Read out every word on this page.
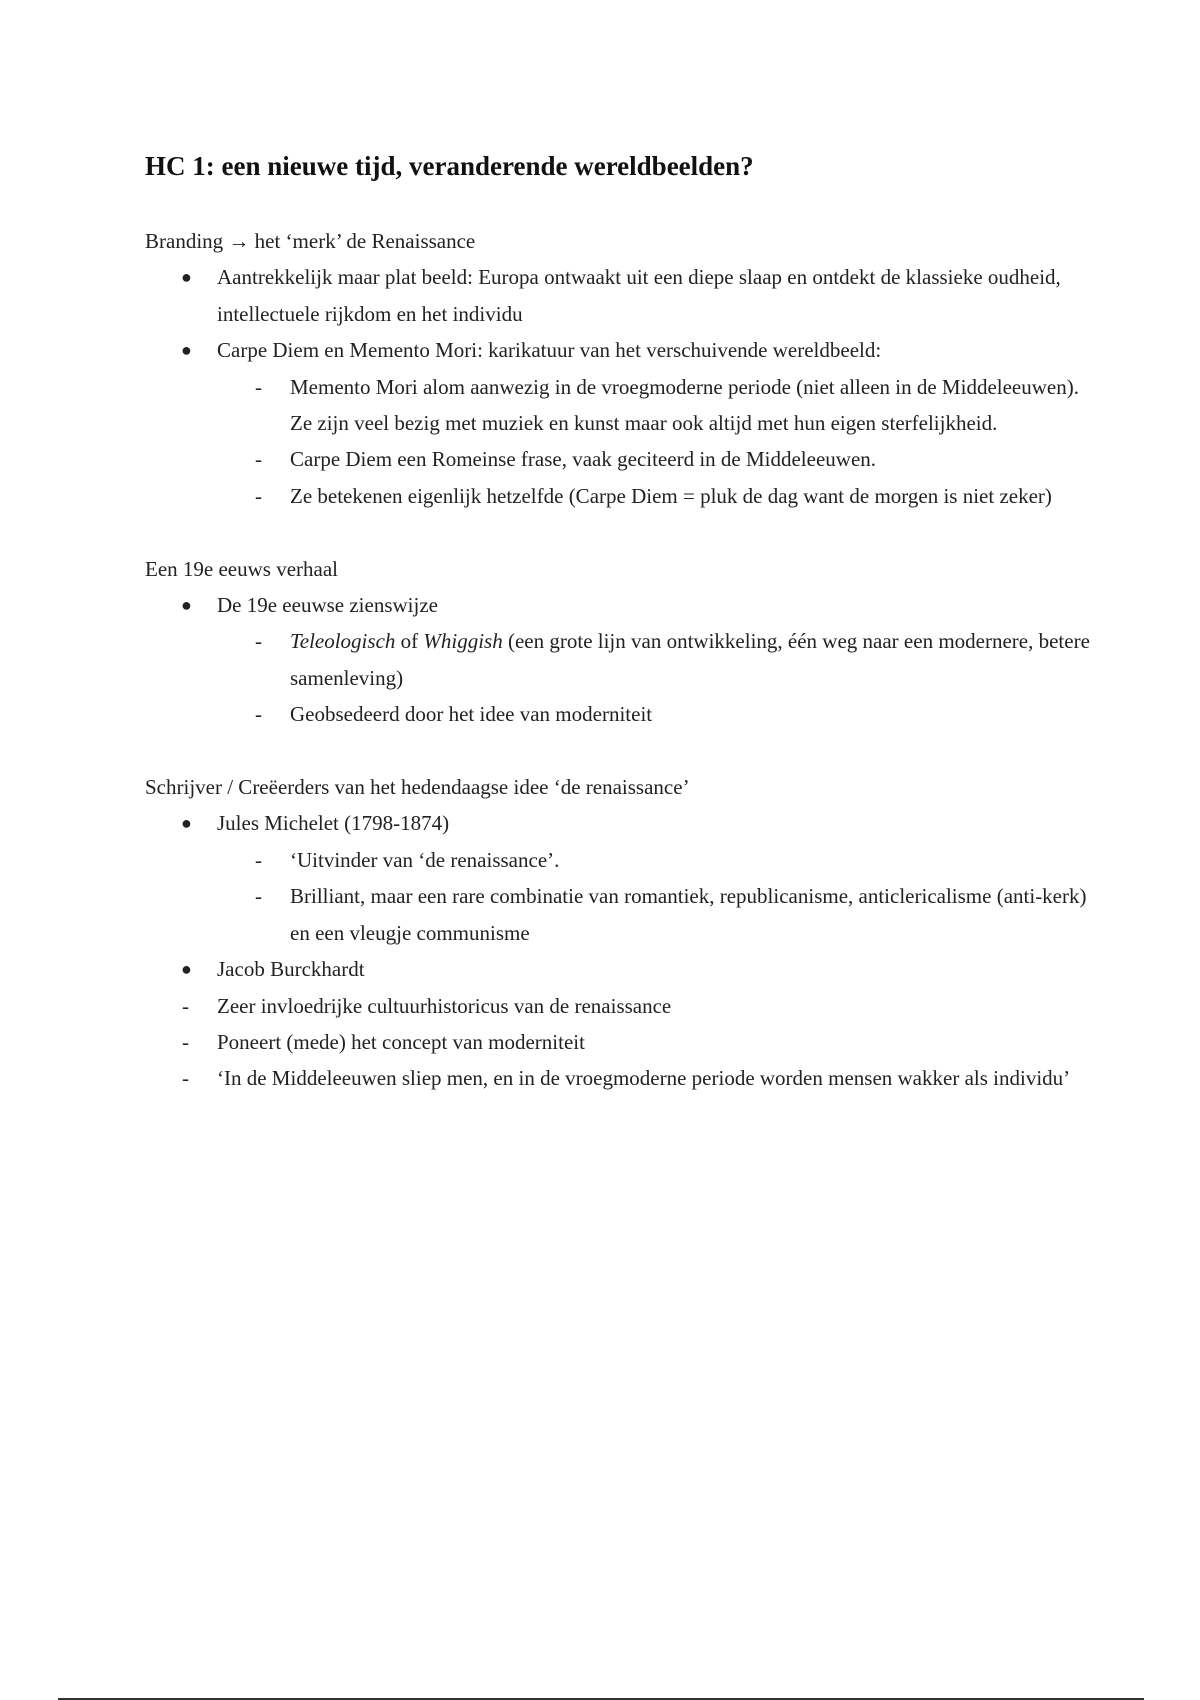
HC 1: een nieuwe tijd, veranderende wereldbeelden?

Branding → het ‘merk’ de Renaissance

● Aantrekkelijk maar plat beeld: Europa ontwaakt uit een diepe slaap en ontdekt de klassieke oudheid, intellectuele rijkdom en het individu
● Carpe Diem en Memento Mori: karikatuur van het verschuivende wereldbeeld:
- Memento Mori alom aanwezig in de vroegmoderne periode (niet alleen in de Middeleeuwen). Ze zijn veel bezig met muziek en kunst maar ook altijd met hun eigen sterfelijkheid.
- Carpe Diem een Romeinse frase, vaak geciteerd in de Middeleeuwen.
- Ze betekenen eigenlijk hetzelfde (Carpe Diem = pluk de dag want de morgen is niet zeker)

Een 19e eeuws verhaal

● De 19e eeuwse zienswijze
- Teleologisch of Whiggish (een grote lijn van ontwikkeling, één weg naar een modernere, betere samenleving)
- Geobsedeerd door het idee van moderniteit

Schrijver / Creëerders van het hedendaagse idee ‘de renaissance’

● Jules Michelet (1798-1874)
- ‘Uitvinder van ‘de renaissance’.
- Brilliant, maar een rare combinatie van romantiek, republicanisme, anticlericalisme (anti-kerk) en een vleugje communisme
● Jacob Burckhardt
- Zeer invloedrijke cultuurhistoricus van de renaissance
- Poneert (mede) het concept van moderniteit
- ‘In de Middeleeuwen sliep men, en in de vroegmoderne periode worden mensen wakker als individu’
